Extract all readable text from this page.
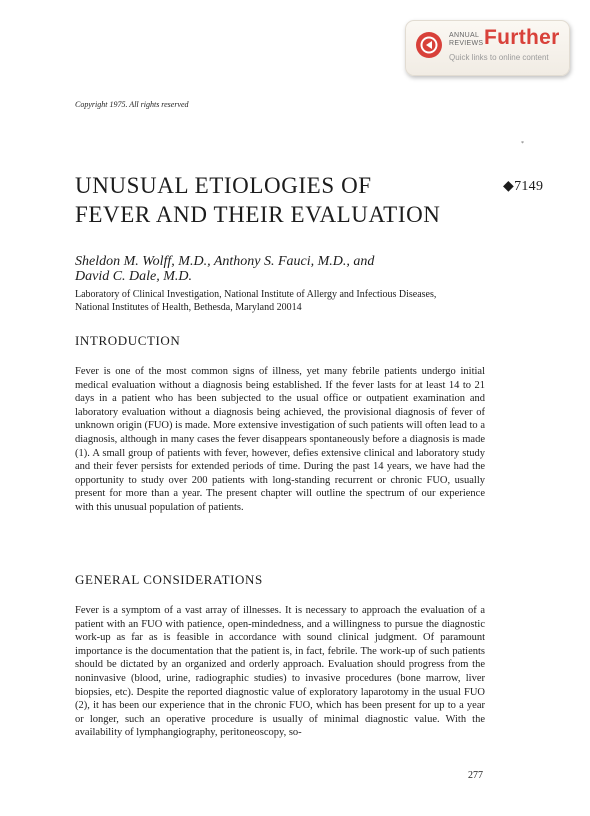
ANNUAL
REVIEWS Further
Quick links to online content
Copyright 1975. All rights reserved
*
UNUSUAL ETIOLOGIES OF
FEVER AND THEIR EVALUATION
◆7149
Sheldon M. Wolff, M.D., Anthony S. Fauci, M.D., and
David C. Dale, M.D.
Laboratory of Clinical Investigation, National Institute of Allergy and Infectious Diseases,
National Institutes of Health, Bethesda, Maryland 20014
INTRODUCTION
Fever is one of the most common signs of illness, yet many febrile patients undergo initial medical evaluation without a diagnosis being established. If the fever lasts for at least 14 to 21 days in a patient who has been subjected to the usual office or outpatient examination and laboratory evaluation without a diagnosis being achieved, the provisional diagnosis of fever of unknown origin (FUO) is made. More extensive investigation of such patients will often lead to a diagnosis, although in many cases the fever disappears spontaneously before a diagnosis is made (1). A small group of patients with fever, however, defies extensive clinical and laboratory study and their fever persists for extended periods of time. During the past 14 years, we have had the opportunity to study over 200 patients with long-standing recurrent or chronic FUO, usually present for more than a year. The present chapter will outline the spectrum of our experience with this unusual population of patients.
GENERAL CONSIDERATIONS
Fever is a symptom of a vast array of illnesses. It is necessary to approach the evaluation of a patient with an FUO with patience, open-mindedness, and a willingness to pursue the diagnostic work-up as far as is feasible in accordance with sound clinical judgment. Of paramount importance is the documentation that the patient is, in fact, febrile. The work-up of such patients should be dictated by an organized and orderly approach. Evaluation should progress from the noninvasive (blood, urine, radiographic studies) to invasive procedures (bone marrow, liver biopsies, etc). Despite the reported diagnostic value of exploratory laparotomy in the usual FUO (2), it has been our experience that in the chronic FUO, which has been present for up to a year or longer, such an operative procedure is usually of minimal diagnostic value. With the availability of lymphangiography, peritoneoscopy, so-
277
